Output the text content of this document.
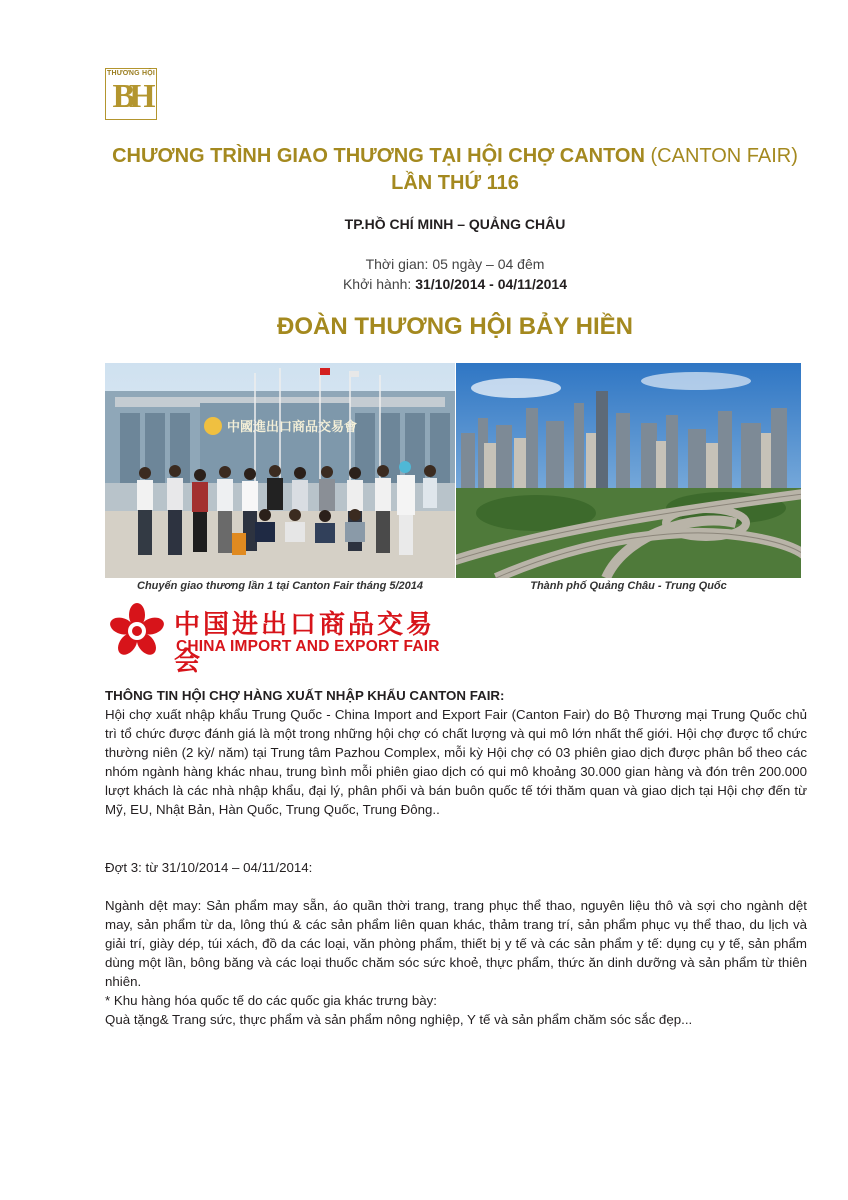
THƯƠNG HỘI
BH
CHƯƠNG TRÌNH GIAO THƯƠNG TẠI HỘI CHỢ CANTON (CANTON FAIR)
LẦN THỨ 116
TP.HỒ CHÍ MINH – QUẢNG CHÂU
Thời gian: 05 ngày – 04 đêm
Khởi hành: 31/10/2014 - 04/11/2014
ĐOÀN THƯƠNG HỘI BẢY HIỀN
中國進出口商品交易會
Chuyến giao thương lần 1 tại Canton Fair tháng 5/2014	Thành phố Quảng Châu - Trung Quốc
中国进出口商品交易会
CHINA IMPORT AND EXPORT FAIR
THÔNG TIN HỘI CHỢ HÀNG XUẤT NHẬP KHẨU CANTON FAIR:
Hội chợ xuất nhập khẩu Trung Quốc - China Import and Export Fair (Canton Fair) do Bộ Thương mại Trung Quốc chủ trì tổ chức được đánh giá là một trong những hội chợ có chất lượng và qui mô lớn nhất thế giới. Hội chợ được tổ chức thường niên (2 kỳ/ năm) tại Trung tâm Pazhou Complex, mỗi kỳ Hội chợ có 03 phiên giao dịch được phân bổ theo các nhóm ngành hàng khác nhau, trung bình mỗi phiên giao dịch có qui mô khoảng 30.000 gian hàng và đón trên 200.000 lượt khách là các nhà nhập khẩu, đại lý, phân phối và bán buôn quốc tế tới thăm quan và giao dịch tại Hội chợ đến từ Mỹ, EU, Nhật Bản, Hàn Quốc, Trung Quốc, Trung Đông..
Đợt 3: từ 31/10/2014 – 04/11/2014:
Ngành dệt may: Sản phẩm may sẵn, áo quần thời trang, trang phục thể thao, nguyên liệu thô và sợi cho ngành dệt may, sản phẩm từ da, lông thú & các sản phẩm liên quan khác, thảm trang trí, sản phẩm phục vụ thể thao, du lịch và giải trí, giày dép, túi xách, đồ da các loại, văn phòng phẩm, thiết bị y tế và các sản phẩm y tế: dụng cụ y tế, sản phẩm dùng một lần, bông băng và các loại thuốc chăm sóc sức khoẻ, thực phẩm, thức ăn dinh dưỡng và sản phẩm từ thiên nhiên.
* Khu hàng hóa quốc tế do các quốc gia khác trưng bày:
Quà tặng& Trang sức, thực phẩm và sản phẩm nông nghiệp, Y tế và sản phẩm chăm sóc sắc đẹp...
